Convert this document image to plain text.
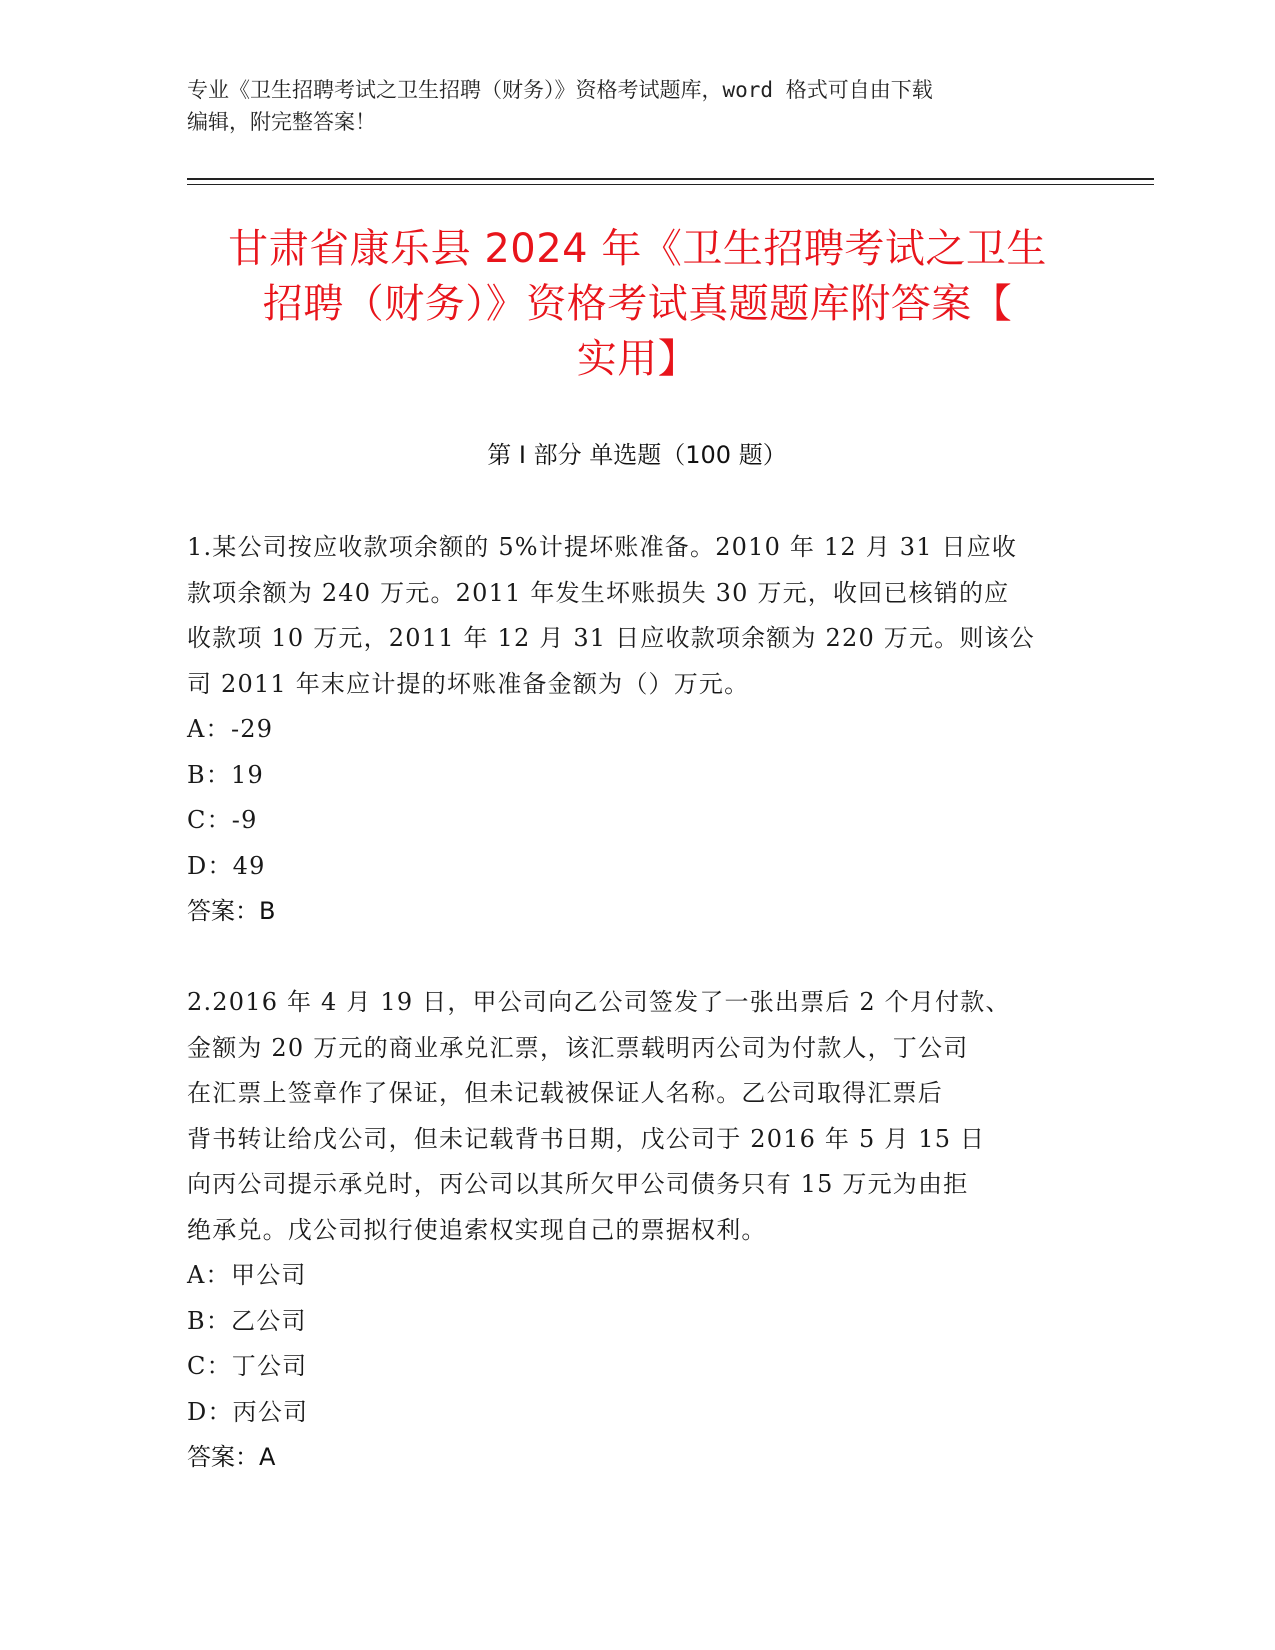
专业《卫生招聘考试之卫生招聘（财务）》资格考试题库，word 格式可自由下载
编辑，附完整答案！
甘肃省康乐县 2024 年《卫生招聘考试之卫生
招聘（财务）》资格考试真题题库附答案【
实用】
第 I 部分 单选题（100 题）
1.某公司按应收款项余额的 5%计提坏账准备。2010 年 12 月 31 日应收
款项余额为 240 万元。2011 年发生坏账损失 30 万元，收回已核销的应
收款项 10 万元，2011 年 12 月 31 日应收款项余额为 220 万元。则该公
司 2011 年末应计提的坏账准备金额为（）万元。
A：-29
B：19
C：-9
D：49
答案：B
2.2016 年 4 月 19 日，甲公司向乙公司签发了一张出票后 2 个月付款、
金额为 20 万元的商业承兑汇票，该汇票载明丙公司为付款人，丁公司
在汇票上签章作了保证，但未记载被保证人名称。乙公司取得汇票后
背书转让给戊公司，但未记载背书日期，戊公司于 2016 年 5 月 15 日
向丙公司提示承兑时，丙公司以其所欠甲公司债务只有 15 万元为由拒
绝承兑。戊公司拟行使追索权实现自己的票据权利。
A：甲公司
B：乙公司
C：丁公司
D：丙公司
答案：A
